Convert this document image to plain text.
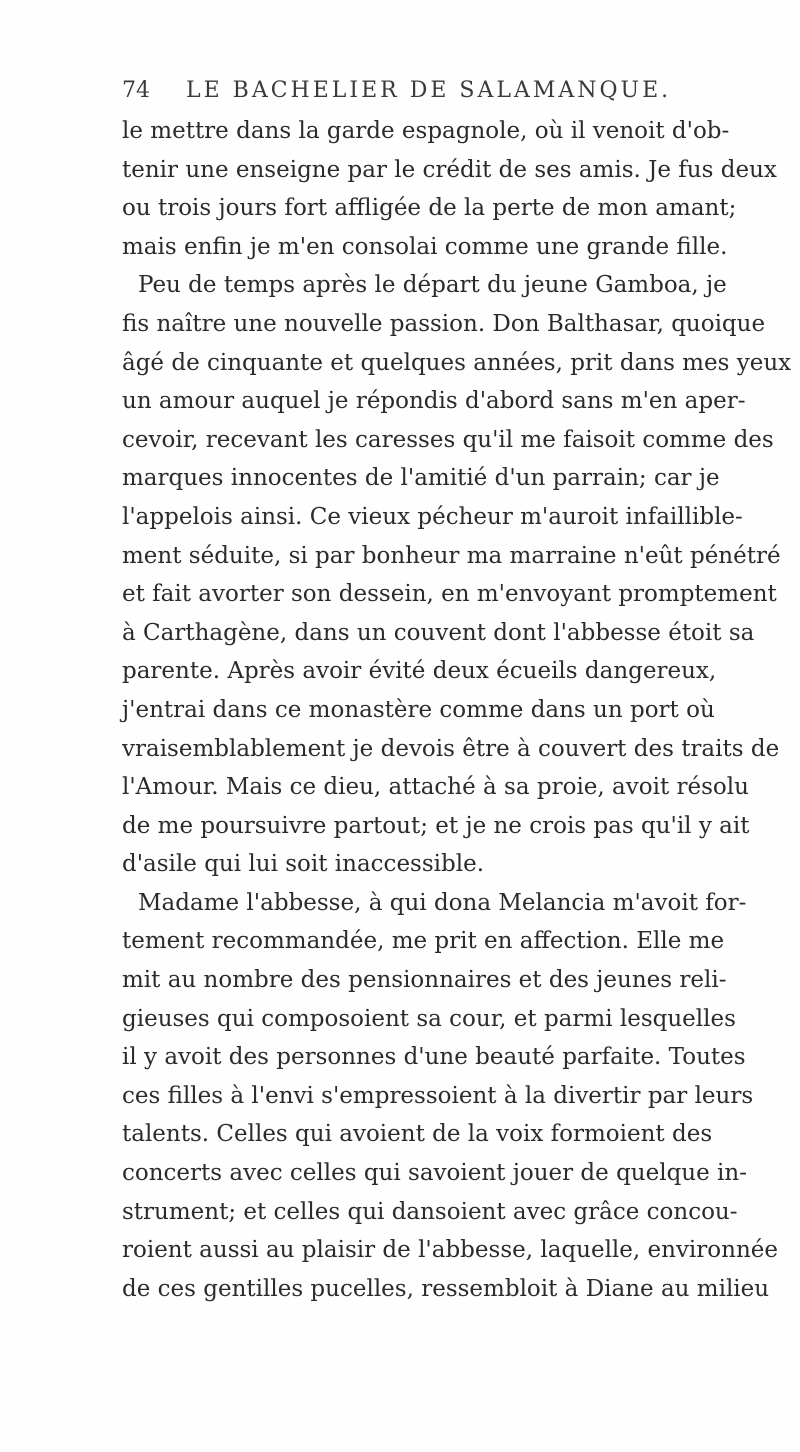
74 LE BACHELIER DE SALAMANQUE.
le mettre dans la garde espagnole, où il venoit d'ob-
tenir une enseigne par le crédit de ses amis. Je fus deux
ou trois jours fort affligée de la perte de mon amant;
mais enfin je m'en consolai comme une grande fille.
Peu de temps après le départ du jeune Gamboa, je
fis naître une nouvelle passion. Don Balthasar, quoique
âgé de cinquante et quelques années, prit dans mes yeux
un amour auquel je répondis d'abord sans m'en aper-
cevoir, recevant les caresses qu'il me faisoit comme des
marques innocentes de l'amitié d'un parrain; car je
l'appelois ainsi. Ce vieux pécheur m'auroit infaillible-
ment séduite, si par bonheur ma marraine n'eût pénétré
et fait avorter son dessein, en m'envoyant promptement
à Carthagène, dans un couvent dont l'abbesse étoit sa
parente. Après avoir évité deux écueils dangereux,
j'entrai dans ce monastère comme dans un port où
vraisemblablement je devois être à couvert des traits de
l'Amour. Mais ce dieu, attaché à sa proie, avoit résolu
de me poursuivre partout; et je ne crois pas qu'il y ait
d'asile qui lui soit inaccessible.
Madame l'abbesse, à qui dona Melancia m'avoit for-
tement recommandée, me prit en affection. Elle me
mit au nombre des pensionnaires et des jeunes reli-
gieuses qui composoient sa cour, et parmi lesquelles
il y avoit des personnes d'une beauté parfaite. Toutes
ces filles à l'envi s'empressoient à la divertir par leurs
talents. Celles qui avoient de la voix formoient des
concerts avec celles qui savoient jouer de quelque in-
strument; et celles qui dansoient avec grâce concou-
roient aussi au plaisir de l'abbesse, laquelle, environnée
de ces gentilles pucelles, ressembloit à Diane au milieu
